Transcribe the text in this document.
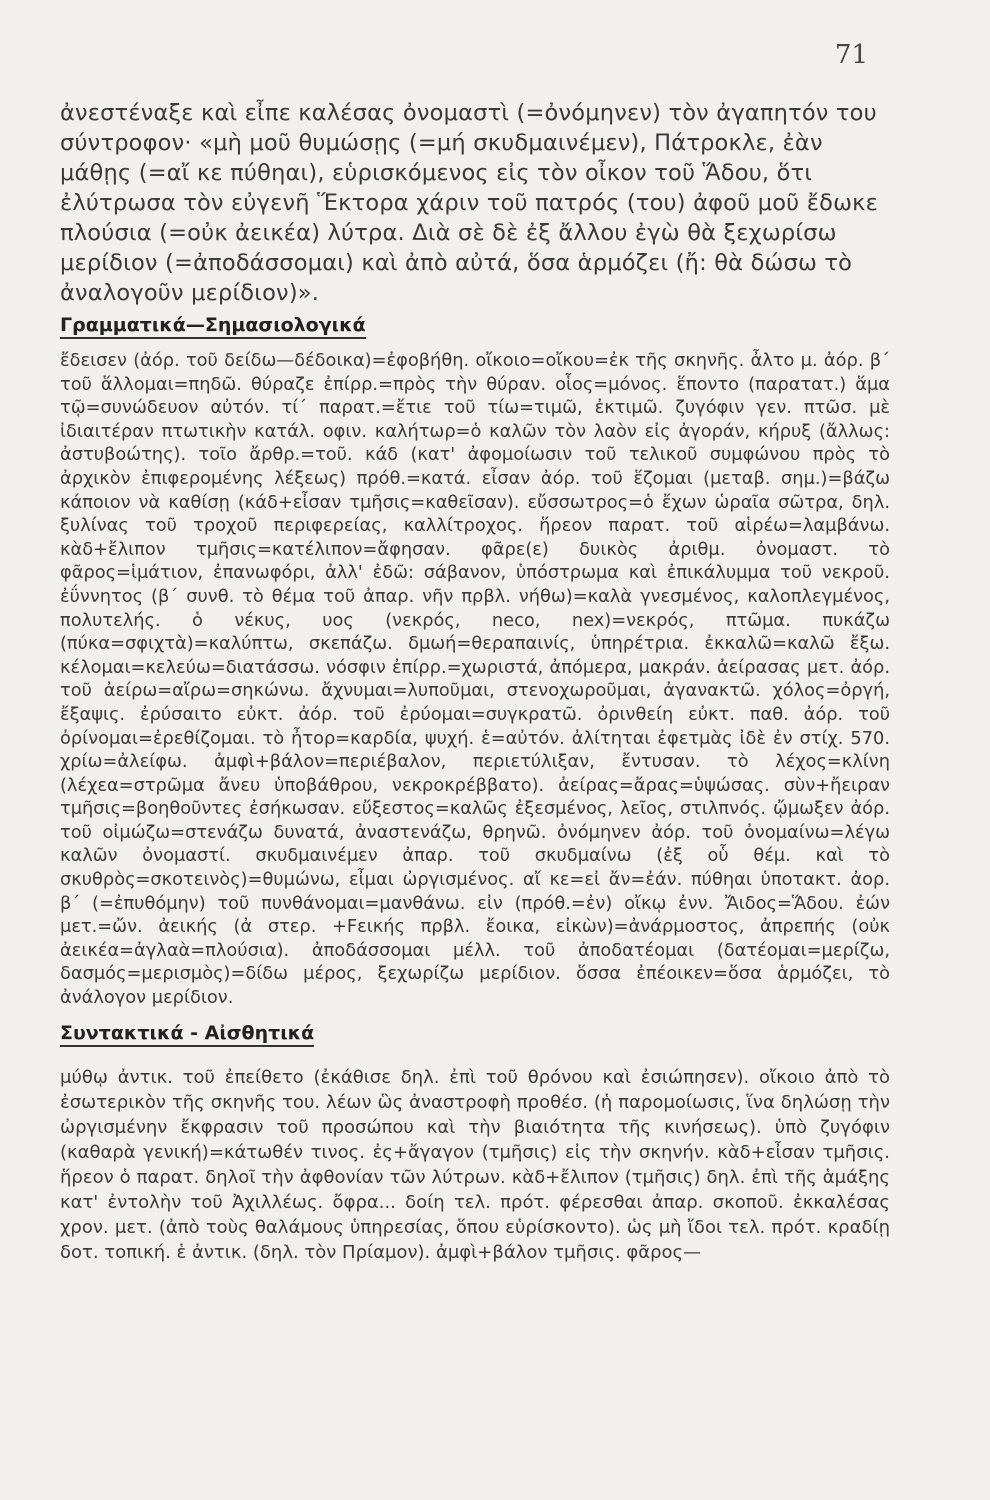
71

ἀνεστέναξε καὶ εἶπε καλέσας ὀνομαστὶ (=ὀνόμηνεν) τὸν ἀγαπητόν του σύντροφον· «μὴ μοῦ θυμώσῃς (=μή σκυδμαινέμεν), Πάτροκλε, ἐὰν μάθῃς (=αἴ κε πύθηαι), εὑρισκόμενος εἰς τὸν οἶκον τοῦ Ἅδου, ὅτι ἐλύτρωσα τὸν εὐγενῆ Ἕκτορα χάριν τοῦ πατρός (του) ἀφοῦ μοῦ ἔδωκε πλούσια (=οὐκ ἀεικέα) λύτρα. Διὰ σὲ δὲ ἐξ ἄλλου ἐγὼ θὰ ξεχωρίσω μερίδιον (=ἀποδάσσομαι) καὶ ἀπὸ αὐτά, ὅσα ἁρμόζει (ἤ: θὰ δώσω τὸ ἀναλογοῦν μερίδιον)».

Γραμματικά—Σημασιολογικά

ἔδεισεν (ἀόρ. τοῦ δείδω—δέδοικα)=ἐφοβήθη. οἴκοιο=οἴκου=ἐκ τῆς σκηνῆς. ἆλτο μ. ἀόρ. β΄ τοῦ ἅλλομαι=πηδῶ. θύραζε ἐπίρρ.=πρὸς τὴν θύραν. οἷος=μόνος. ἕποντο (παρατατ.) ἅμα τῷ=συνώδευον αὐτόν. τί΄ παρατ.=ἔτιε τοῦ τίω=τιμῶ, ἐκτιμῶ. ζυγόφιν γεν. πτῶσ. μὲ ἰδιαιτέραν πτωτικὴν κατάλ. οφιν. καλήτωρ=ὁ καλῶν τὸν λαὸν εἰς ἀγοράν, κήρυξ (ἄλλως: ἀστυβοώτης). τοῖο ἄρθρ.=τοῦ. κάδ (κατ' ἀφομοίωσιν τοῦ τελικοῦ συμφώνου πρὸς τὸ ἀρχικὸν ἐπιφερομένης λέξεως) πρόθ.=κατά. εἶσαν ἀόρ. τοῦ ἕζομαι (μεταβ. σημ.)=βάζω κάποιον νὰ καθίσῃ (κάδ+εἶσαν τμῆσις=καθεῖσαν). εὔσσωτρος=ὁ ἔχων ὡραῖα σῶτρα, δηλ. ξυλίνας τοῦ τροχοῦ περιφερείας, καλλίτροχος. ἥρεον παρατ. τοῦ αἱρέω=λαμβάνω. κὰδ+ἔλιπον τμῆσις=κατέλιπον=ἄφησαν. φᾶρε(ε) δυικὸς ἀριθμ. ὀνομαστ. τὸ φᾶρος=ἱμάτιον, ἐπανωφόρι, ἀλλ' ἐδῶ: σάβανον, ὑπόστρωμα καὶ ἐπικάλυμμα τοῦ νεκροῦ. ἐΰννητος (β΄ συνθ. τὸ θέμα τοῦ ἀπαρ. νῆν πρβλ. νήθω)=καλὰ γνεσμένος, καλοπλεγμένος, πολυτελής. ὁ νέκυς, υος (νεκρός, neco, nex)=νεκρός, πτῶμα. πυκάζω (πύκα=σφιχτὰ)=καλύπτω, σκεπάζω. δμωή=θεραπαινίς, ὑπηρέτρια. ἐκκαλῶ=καλῶ ἔξω. κέλομαι=κελεύω=διατάσσω. νόσφιν ἐπίρρ.=χωριστά, ἀπόμερα, μακράν. ἀείρασας μετ. ἀόρ. τοῦ ἀείρω=αἴρω=σηκώνω. ἄχνυμαι=λυποῦμαι, στενοχωροῦμαι, ἀγανακτῶ. χόλος=ὀργή, ἔξαψις. ἐρύσαιτο εὐκτ. ἀόρ. τοῦ ἐρύομαι=συγκρατῶ. ὀρινθείη εὐκτ. παθ. ἀόρ. τοῦ ὀρίνομαι=ἐρεθίζομαι. τὸ ἦτορ=καρδία, ψυχή. ἑ=αὐτόν. ἀλίτηται ἐφετμὰς ἰδὲ ἐν στίχ. 570. χρίω=ἀλείφω. ἀμφὶ+βάλον=περιέβαλον, περιετύλιξαν, ἔντυσαν. τὸ λέχος=κλίνη (λέχεα=στρῶμα ἄνευ ὑποβάθρου, νεκροκρέββατο). ἀείρας=ἄρας=ὑψώσας. σὺν+ἤειραν τμῆσις=βοηθοῦντες ἐσήκωσαν. εὔξεστος=καλῶς ἐξεσμένος, λεῖος, στιλπνός. ᾤμωξεν ἀόρ. τοῦ οἰμώζω=στενάζω δυνατά, ἀναστενάζω, θρηνῶ. ὀνόμηνεν ἀόρ. τοῦ ὀνομαίνω=λέγω καλῶν ὀνομαστί. σκυδμαινέμεν ἀπαρ. τοῦ σκυδμαίνω (ἐξ οὗ θέμ. καὶ τὸ σκυθρὸς=σκοτεινὸς)=θυμώνω, εἶμαι ὠργισμένος. αἴ κε=εἰ ἄν=ἐάν. πύθηαι ὑποτακτ. ἀορ. β΄ (=ἐπυθόμην) τοῦ πυνθάνομαι=μανθάνω. εἰν (πρόθ.=ἐν) οἴκῳ ἐνν. Ἄιδος=Ἅδου. ἐών μετ.=ὤν. ἀεικής (ἀ στερ. +Fεικής πρβλ. ἔοικα, εἰκὼν)=ἀνάρμοστος, ἀπρεπής (οὐκ ἀεικέα=ἀγλαὰ=πλούσια). ἀποδάσσομαι μέλλ. τοῦ ἀποδατέομαι (δατέομαι=μερίζω, δασμός=μερισμὸς)=δίδω μέρος, ξεχωρίζω μερίδιον. ὅσσα ἐπέοικεν=ὅσα ἁρμόζει, τὸ ἀνάλογον μερίδιον.

Συντακτικά - Αἰσθητικά

μύθῳ ἀντικ. τοῦ ἐπείθετο (ἐκάθισε δηλ. ἐπὶ τοῦ θρόνου καὶ ἐσιώπησεν). οἴκοιο ἀπὸ τὸ ἐσωτερικὸν τῆς σκηνῆς του. λέων ὣς ἀναστροφὴ προθέσ. (ἡ παρομοίωσις, ἵνα δηλώσῃ τὴν ὠργισμένην ἔκφρασιν τοῦ προσώπου καὶ τὴν βιαιότητα τῆς κινήσεως). ὑπὸ ζυγόφιν (καθαρὰ γενική)=κάτωθέν τινος. ἐς+ἄγαγον (τμῆσις) εἰς τὴν σκηνήν. κὰδ+εἶσαν τμῆσις. ἥρεον ὁ παρατ. δηλοῖ τὴν ἀφθονίαν τῶν λύτρων. κὰδ+ἔλιπον (τμῆσις) δηλ. ἐπὶ τῆς ἁμάξης κατ' ἐντολὴν τοῦ Ἀχιλλέως. ὄφρα... δοίη τελ. πρότ. φέρεσθαι ἀπαρ. σκοποῦ. ἐκκαλέσας χρον. μετ. (ἀπὸ τοὺς θαλάμους ὑπηρεσίας, ὅπου εὑρίσκοντο). ὡς μὴ ἴδοι τελ. πρότ. κραδίῃ δοτ. τοπική. ἑ ἀντικ. (δηλ. τὸν Πρίαμον). ἀμφὶ+βάλον τμῆσις. φᾶρος—
